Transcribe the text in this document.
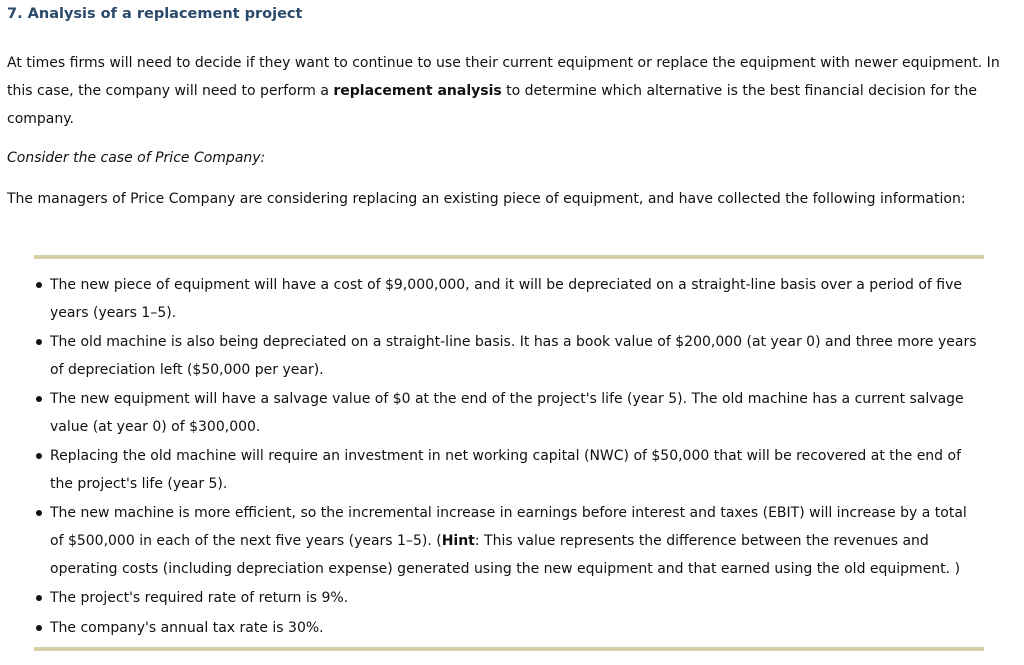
7. Analysis of a replacement project

At times firms will need to decide if they want to continue to use their current equipment or replace the equipment with newer equipment. In this case, the company will need to perform a replacement analysis to determine which alternative is the best financial decision for the company.

Consider the case of Price Company:

The managers of Price Company are considering replacing an existing piece of equipment, and have collected the following information:

The new piece of equipment will have a cost of $9,000,000, and it will be depreciated on a straight-line basis over a period of five years (years 1–5).
The old machine is also being depreciated on a straight-line basis. It has a book value of $200,000 (at year 0) and three more years of depreciation left ($50,000 per year).
The new equipment will have a salvage value of $0 at the end of the project's life (year 5). The old machine has a current salvage value (at year 0) of $300,000.
Replacing the old machine will require an investment in net working capital (NWC) of $50,000 that will be recovered at the end of the project's life (year 5).
The new machine is more efficient, so the incremental increase in earnings before interest and taxes (EBIT) will increase by a total of $500,000 in each of the next five years (years 1–5). (Hint: This value represents the difference between the revenues and operating costs (including depreciation expense) generated using the new equipment and that earned using the old equipment. )
The project's required rate of return is 9%.
The company's annual tax rate is 30%.
